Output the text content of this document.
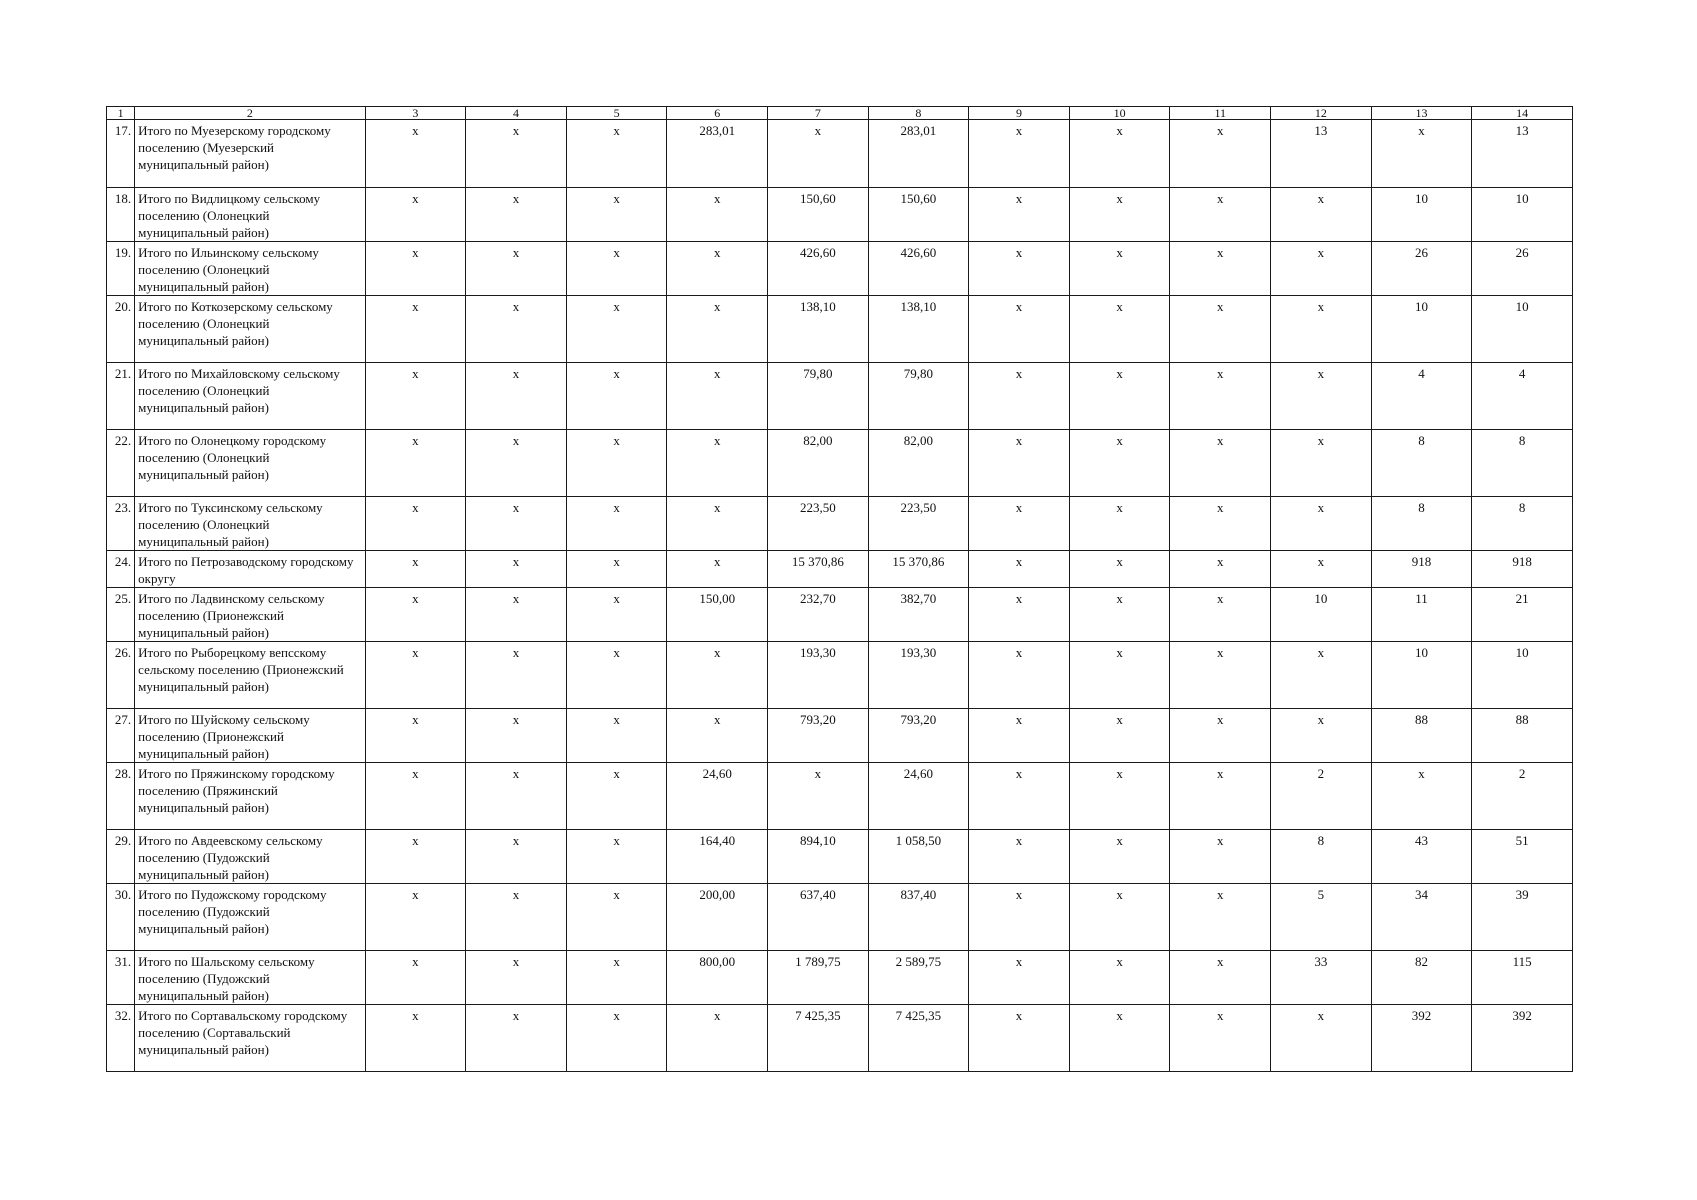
1	2	3	4	5	6	7	8	9	10	11	12	13	14
17.	Итого по Муезерскому городскому поселению (Муезерский муниципальный район)	x	x	x	283,01	x	283,01	x	x	x	13	x	13
18.	Итого по Видлицкому сельскому поселению (Олонецкий муниципальный район)	x	x	x	x	150,60	150,60	x	x	x	x	10	10
19.	Итого по Ильинскому сельскому поселению (Олонецкий муниципальный район)	x	x	x	x	426,60	426,60	x	x	x	x	26	26
20.	Итого по Коткозерскому сельскому поселению (Олонецкий муниципальный район)	x	x	x	x	138,10	138,10	x	x	x	x	10	10
21.	Итого по Михайловскому сельскому поселению (Олонецкий муниципальный район)	x	x	x	x	79,80	79,80	x	x	x	x	4	4
22.	Итого по Олонецкому городскому поселению (Олонецкий муниципальный район)	x	x	x	x	82,00	82,00	x	x	x	x	8	8
23.	Итого по Туксинскому сельскому поселению (Олонецкий муниципальный район)	x	x	x	x	223,50	223,50	x	x	x	x	8	8
24.	Итого по Петрозаводскому городскому округу	x	x	x	x	15 370,86	15 370,86	x	x	x	x	918	918
25.	Итого по Ладвинскому сельскому поселению (Прионежский муниципальный район)	x	x	x	150,00	232,70	382,70	x	x	x	10	11	21
26.	Итого по Рыборецкому вепсскому сельскому поселению (Прионежский муниципальный район)	x	x	x	x	193,30	193,30	x	x	x	x	10	10
27.	Итого по Шуйскому сельскому поселению (Прионежский муниципальный район)	x	x	x	x	793,20	793,20	x	x	x	x	88	88
28.	Итого по Пряжинскому городскому поселению (Пряжинский муниципальный район)	x	x	x	24,60	x	24,60	x	x	x	2	x	2
29.	Итого по Авдеевскому сельскому поселению (Пудожский муниципальный район)	x	x	x	164,40	894,10	1 058,50	x	x	x	8	43	51
30.	Итого по Пудожскому городскому поселению (Пудожский муниципальный район)	x	x	x	200,00	637,40	837,40	x	x	x	5	34	39
31.	Итого по Шальскому сельскому поселению (Пудожский муниципальный район)	x	x	x	800,00	1 789,75	2 589,75	x	x	x	33	82	115
32.	Итого по Сортавальскому городскому поселению (Сортавальский муниципальный район)	x	x	x	x	7 425,35	7 425,35	x	x	x	x	392	392
